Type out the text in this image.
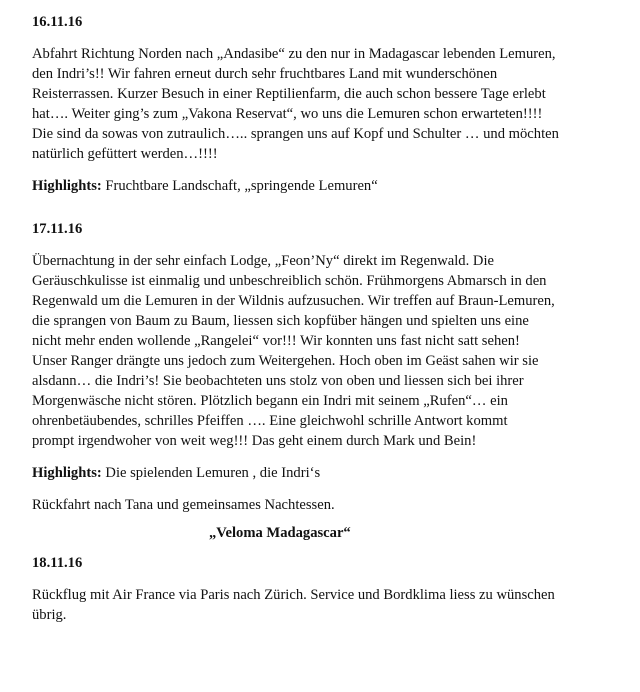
16.11.16

Abfahrt Richtung Norden nach „Andasibe“ zu den nur in Madagascar lebenden Lemuren,

den Indri’s!! Wir fahren erneut durch sehr fruchtbares Land mit wunderschönen

Reisterrassen. Kurzer Besuch in einer Reptilienfarm, die auch schon bessere Tage erlebt

hat…. Weiter ging’s zum „Vakona Reservat“, wo uns die Lemuren schon erwarteten!!!!

Die sind da sowas von zutraulich….. sprangen uns auf Kopf und Schulter … und möchten

natürlich gefüttert werden…!!!!

Highlights: Fruchtbare Landschaft, „springende Lemuren“

17.11.16

Übernachtung in der sehr einfach Lodge, „Feon’Ny“ direkt im Regenwald. Die

Geräuschkulisse ist einmalig und unbeschreiblich schön. Frühmorgens Abmarsch in den

Regenwald um die Lemuren in der Wildnis aufzusuchen. Wir treffen auf Braun-Lemuren,

die sprangen von Baum zu Baum, liessen sich kopfüber hängen und spielten uns eine

nicht mehr enden wollende „Rangelei“ vor!!! Wir konnten uns fast nicht satt sehen!

Unser Ranger drängte uns jedoch zum Weitergehen. Hoch oben im Geäst sahen wir sie

alsdann… die Indri’s! Sie beobachteten uns stolz von oben und liessen sich bei ihrer

Morgenwäsche nicht stören. Plötzlich begann ein Indri mit seinem „Rufen“… ein

ohrenbetäubendes, schrilles Pfeiffen …. Eine gleichwohl schrille Antwort kommt

prompt irgendwoher von weit weg!!! Das geht einem durch Mark und Bein!

Highlights: Die spielenden Lemuren , die Indri‘s

Rückfahrt nach Tana und gemeinsames Nachtessen.

„Veloma Madagascar“

18.11.16

Rückflug mit Air France via Paris nach Zürich. Service und Bordklima liess zu wünschen

übrig.
